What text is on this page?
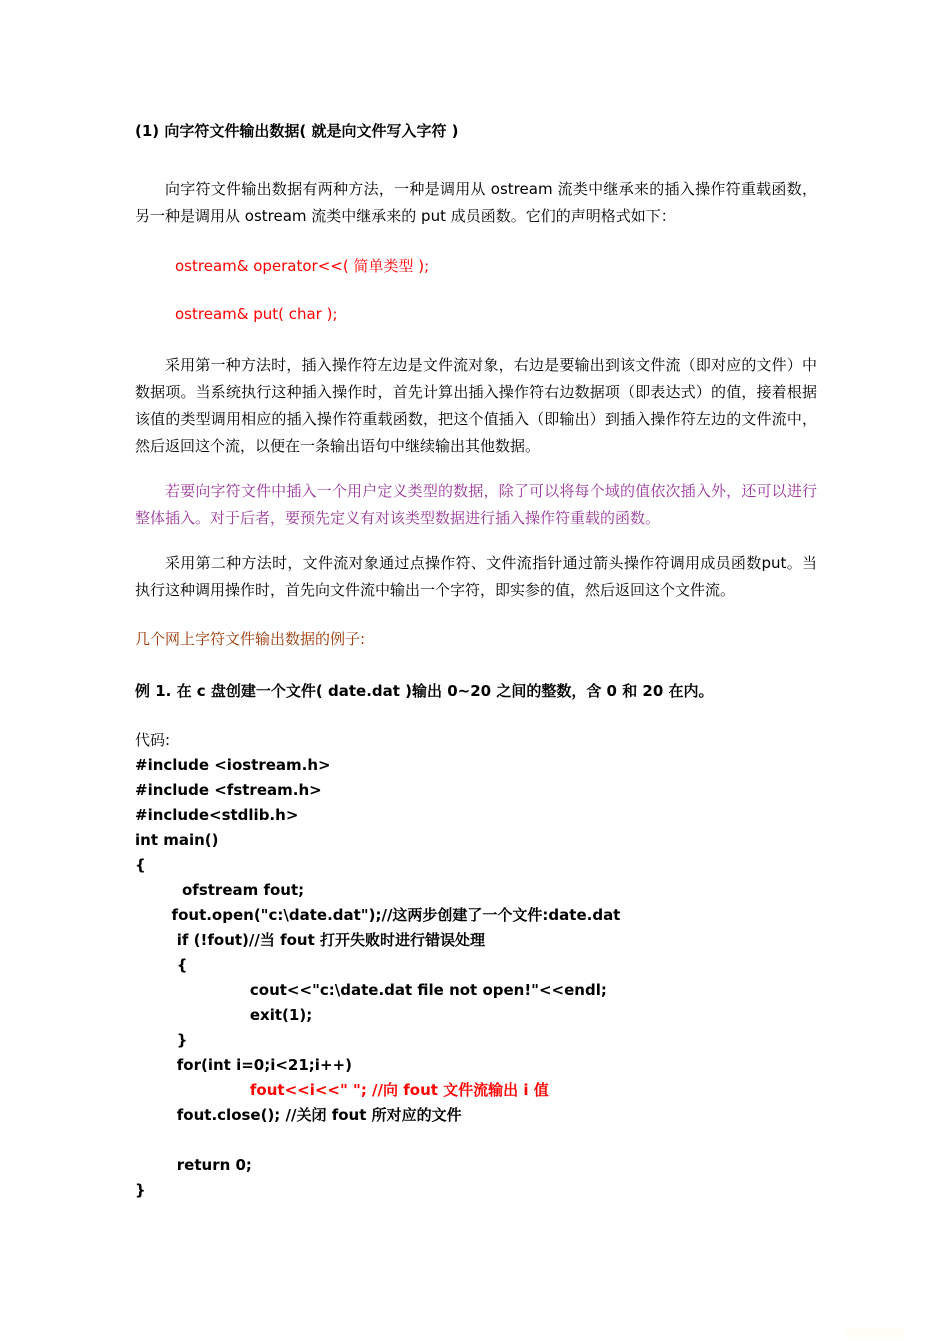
(1) 向字符文件输出数据( 就是向文件写入字符 )
向字符文件输出数据有两种方法，一种是调用从 ostream 流类中继承来的插入操作符重载函数，另一种是调用从 ostream 流类中继承来的 put 成员函数。它们的声明格式如下：
ostream& operator<<( 简单类型 );
ostream& put( char );
采用第一种方法时，插入操作符左边是文件流对象，右边是要输出到该文件流（即对应的文件）中数据项。当系统执行这种插入操作时，首先计算出插入操作符右边数据项（即表达式）的值，接着根据该值的类型调用相应的插入操作符重载函数，把这个值插入（即输出）到插入操作符左边的文件流中，然后返回这个流，以便在一条输出语句中继续输出其他数据。
若要向字符文件中插入一个用户定义类型的数据，除了可以将每个域的值依次插入外，还可以进行整体插入。对于后者，要预先定义有对该类型数据进行插入操作符重载的函数。
采用第二种方法时，文件流对象通过点操作符、文件流指针通过箭头操作符调用成员函数put。当执行这种调用操作时，首先向文件流中输出一个字符，即实参的值，然后返回这个文件流。
几个网上字符文件输出数据的例子:
例 1. 在 c 盘创建一个文件( date.dat )输出 0~20 之间的整数，含 0 和 20 在内。
代码:
#include <iostream.h>
#include <fstream.h>
#include<stdlib.h>
int main()
{
ofstream fout;
fout.open("c:\date.dat");//这两步创建了一个文件:date.dat
if (!fout)//当 fout 打开失败时进行错误处理
{
cout<<"c:\date.dat file not open!"<<endl;
exit(1);
}
for(int i=0;i<21;i++)
fout<<i<<" "; //向 fout 文件流输出 i 值
fout.close(); //关闭 fout 所对应的文件
return 0;
}
